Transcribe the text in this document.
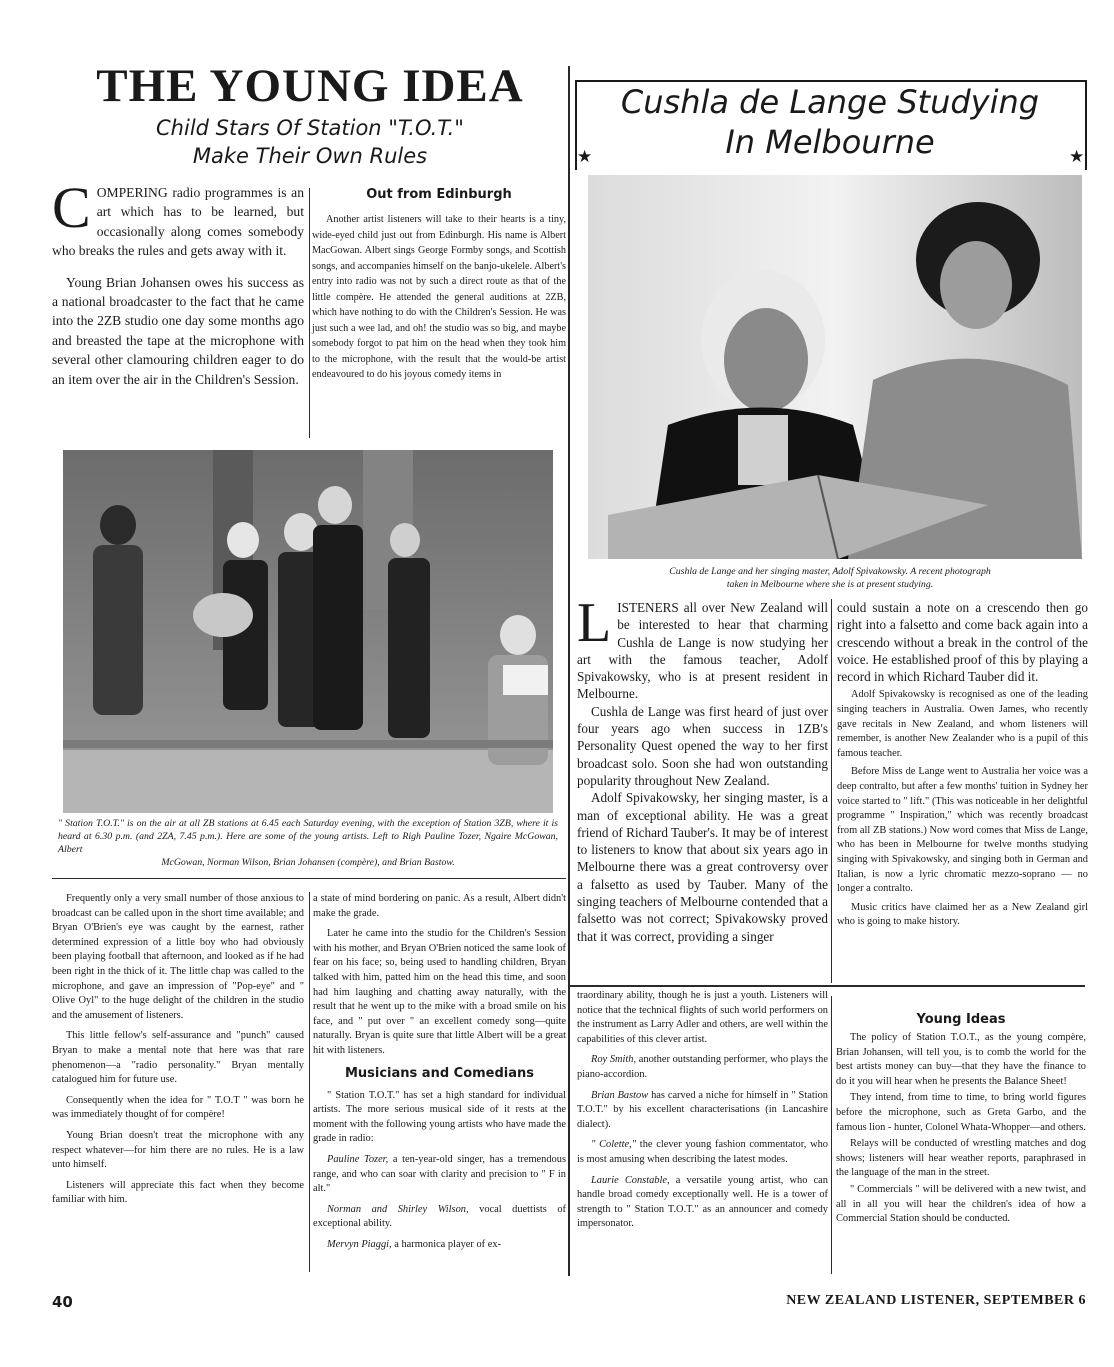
THE YOUNG IDEA
Child Stars Of Station "T.O.T."
Make Their Own Rules

COMPERING radio programmes is an art which has to be learned, but occasionally along comes somebody who breaks the rules and gets away with it.

Young Brian Johansen owes his success as a national broadcaster to the fact that he came into the 2ZB studio one day some months ago and breasted the tape at the microphone with several other clamouring children eager to do an item over the air in the Children's Session.

Out from Edinburgh

Another artist listeners will take to their hearts is a tiny, wide-eyed child just out from Edinburgh. His name is Albert MacGowan. Albert sings George Formby songs, and Scottish songs, and accompanies himself on the banjo-ukelele. Albert's entry into radio was not by such a direct route as that of the little compère. He attended the general auditions at 2ZB, which have nothing to do with the Children's Session. He was just such a wee lad, and oh! the studio was so big, and maybe somebody forgot to pat him on the head when they took him to the microphone, with the result that the would-be artist endeavoured to do his joyous comedy items in

" Station T.O.T." is on the air at all ZB stations at 6.45 each Saturday evening, with the exception of Station 3ZB, where it is heard at 6.30 p.m. (and 2ZA, 7.45 p.m.). Here are some of the young artists. Left to Righ Pauline Tozer, Ngaire McGowan, Albert
McGowan, Norman Wilson, Brian Johansen (compère), and Brian Bastow.

Frequently only a very small number of those anxious to broadcast can be called upon in the short time available; and Bryan O'Brien's eye was caught by the earnest, rather determined expression of a little boy who had obviously been playing football that afternoon, and looked as if he had been right in the thick of it. The little chap was called to the microphone, and gave an impression of "Pop-eye" and " Olive Oyl" to the huge delight of the children in the studio and the amusement of listeners.

This little fellow's self-assurance and "punch" caused Bryan to make a mental note that here was that rare phenomenon—a "radio personality." Bryan mentally catalogued him for future use.

Consequently when the idea for " T.O.T " was born he was immediately thought of for compère!

Young Brian doesn't treat the microphone with any respect whatever—for him there are no rules. He is a law unto himself.

Listeners will appreciate this fact when they become familiar with him.

a state of mind bordering on panic. As a result, Albert didn't make the grade.

Later he came into the studio for the Children's Session with his mother, and Bryan O'Brien noticed the same look of fear on his face; so, being used to handling children, Bryan talked with him, patted him on the head this time, and soon had him laughing and chatting away naturally, with the result that he went up to the mike with a broad smile on his face, and " put over " an excellent comedy song—quite naturally. Bryan is quite sure that little Albert will be a great hit with listeners.

Musicians and Comedians

" Station T.O.T." has set a high standard for individual artists. The more serious musical side of it rests at the moment with the following young artists who have made the grade in radio:

Pauline Tozer, a ten-year-old singer, has a tremendous range, and who can soar with clarity and precision to " F in alt."

Norman and Shirley Wilson, vocal duettists of exceptional ability.

Mervyn Piaggi, a harmonica player of ex-

Cushla de Lange Studying
In Melbourne
★	★
Cushla de Lange and her singing master, Adolf Spivakowsky. A recent photograph
taken in Melbourne where she is at present studying.

LISTENERS all over New Zealand will be interested to hear that charming Cushla de Lange is now studying her art with the famous teacher, Adolf Spivakowsky, who is at present resident in Melbourne.

Cushla de Lange was first heard of just over four years ago when success in 1ZB's Personality Quest opened the way to her first broadcast solo. Soon she had won outstanding popularity throughout New Zealand.

Adolf Spivakowsky, her singing master, is a man of exceptional ability. He was a great friend of Richard Tauber's. It may be of interest to listeners to know that about six years ago in Melbourne there was a great controversy over a falsetto as used by Tauber. Many of the singing teachers of Melbourne contended that a falsetto was not correct; Spivakowsky proved that it was correct, providing a singer

could sustain a note on a crescendo then go right into a falsetto and come back again into a crescendo without a break in the control of the voice. He established proof of this by playing a record in which Richard Tauber did it.

Adolf Spivakowsky is recognised as one of the leading singing teachers in Australia. Owen James, who recently gave recitals in New Zealand, and whom listeners will remember, is another New Zealander who is a pupil of this famous teacher.

Before Miss de Lange went to Australia her voice was a deep contralto, but after a few months' tuition in Sydney her voice started to " lift." (This was noticeable in her delightful programme " Inspiration," which was recently broadcast from all ZB stations.) Now word comes that Miss de Lange, who has been in Melbourne for twelve months studying singing with Spivakowsky, and singing both in German and Italian, is now a lyric chromatic mezzo-soprano — no longer a contralto.

Music critics have claimed her as a New Zealand girl who is going to make history.

traordinary ability, though he is just a youth. Listeners will notice that the technical flights of such world performers on the instrument as Larry Adler and others, are well within the capabilities of this clever artist.

Roy Smith, another outstanding performer, who plays the piano-accordion.

Brian Bastow has carved a niche for himself in " Station T.O.T." by his excellent characterisations (in Lancashire dialect).

" Colette," the clever young fashion commentator, who is most amusing when describing the latest modes.

Laurie Constable, a versatile young artist, who can handle broad comedy exceptionally well. He is a tower of strength to " Station T.O.T." as an announcer and comedy impersonator.

Young Ideas

The policy of Station T.O.T., as the young compère, Brian Johansen, will tell you, is to comb the world for the best artists money can buy—that they have the finance to do it you will hear when he presents the Balance Sheet!

They intend, from time to time, to bring world figures before the microphone, such as Greta Garbo, and the famous lion - hunter, Colonel Whata-Whopper—and others.

Relays will be conducted of wrestling matches and dog shows; listeners will hear weather reports, paraphrased in the language of the man in the street.

" Commercials " will be delivered with a new twist, and all in all you will hear the children's idea of how a Commercial Station should be conducted.

40	NEW ZEALAND LISTENER, SEPTEMBER 6
